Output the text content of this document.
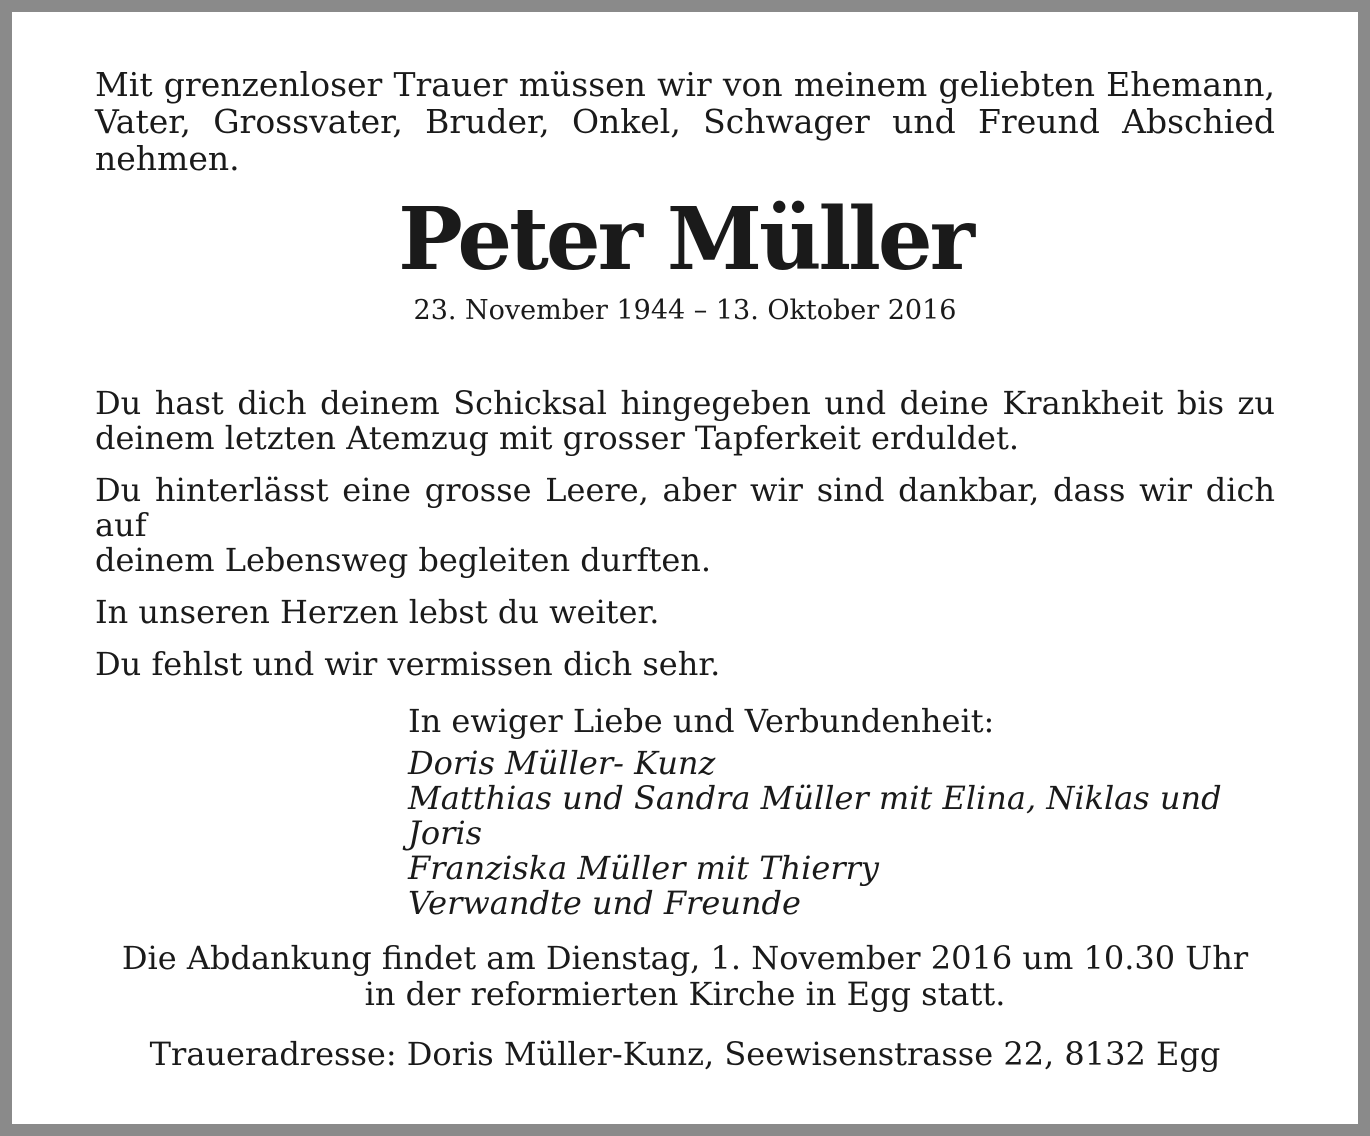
Mit grenzenloser Trauer müssen wir von meinem geliebten Ehemann,
Vater, Grossvater, Bruder, Onkel, Schwager und Freund Abschied nehmen.
Peter Müller
23. November 1944 – 13. Oktober 2016

Du hast dich deinem Schicksal hingegeben und deine Krankheit bis zu
deinem letzten Atemzug mit grosser Tapferkeit erduldet.

Du hinterlässt eine grosse Leere, aber wir sind dankbar, dass wir dich auf
deinem Lebensweg begleiten durften.

In unseren Herzen lebst du weiter.

Du fehlst und wir vermissen dich sehr.

In ewiger Liebe und Verbundenheit:
Doris Müller- Kunz
Matthias und Sandra Müller mit Elina, Niklas und Joris
Franziska Müller mit Thierry
Verwandte und Freunde
Die Abdankung findet am Dienstag, 1. November 2016 um 10.30 Uhr
in der reformierten Kirche in Egg statt.
Traueradresse: Doris Müller-Kunz, Seewisenstrasse 22, 8132 Egg
